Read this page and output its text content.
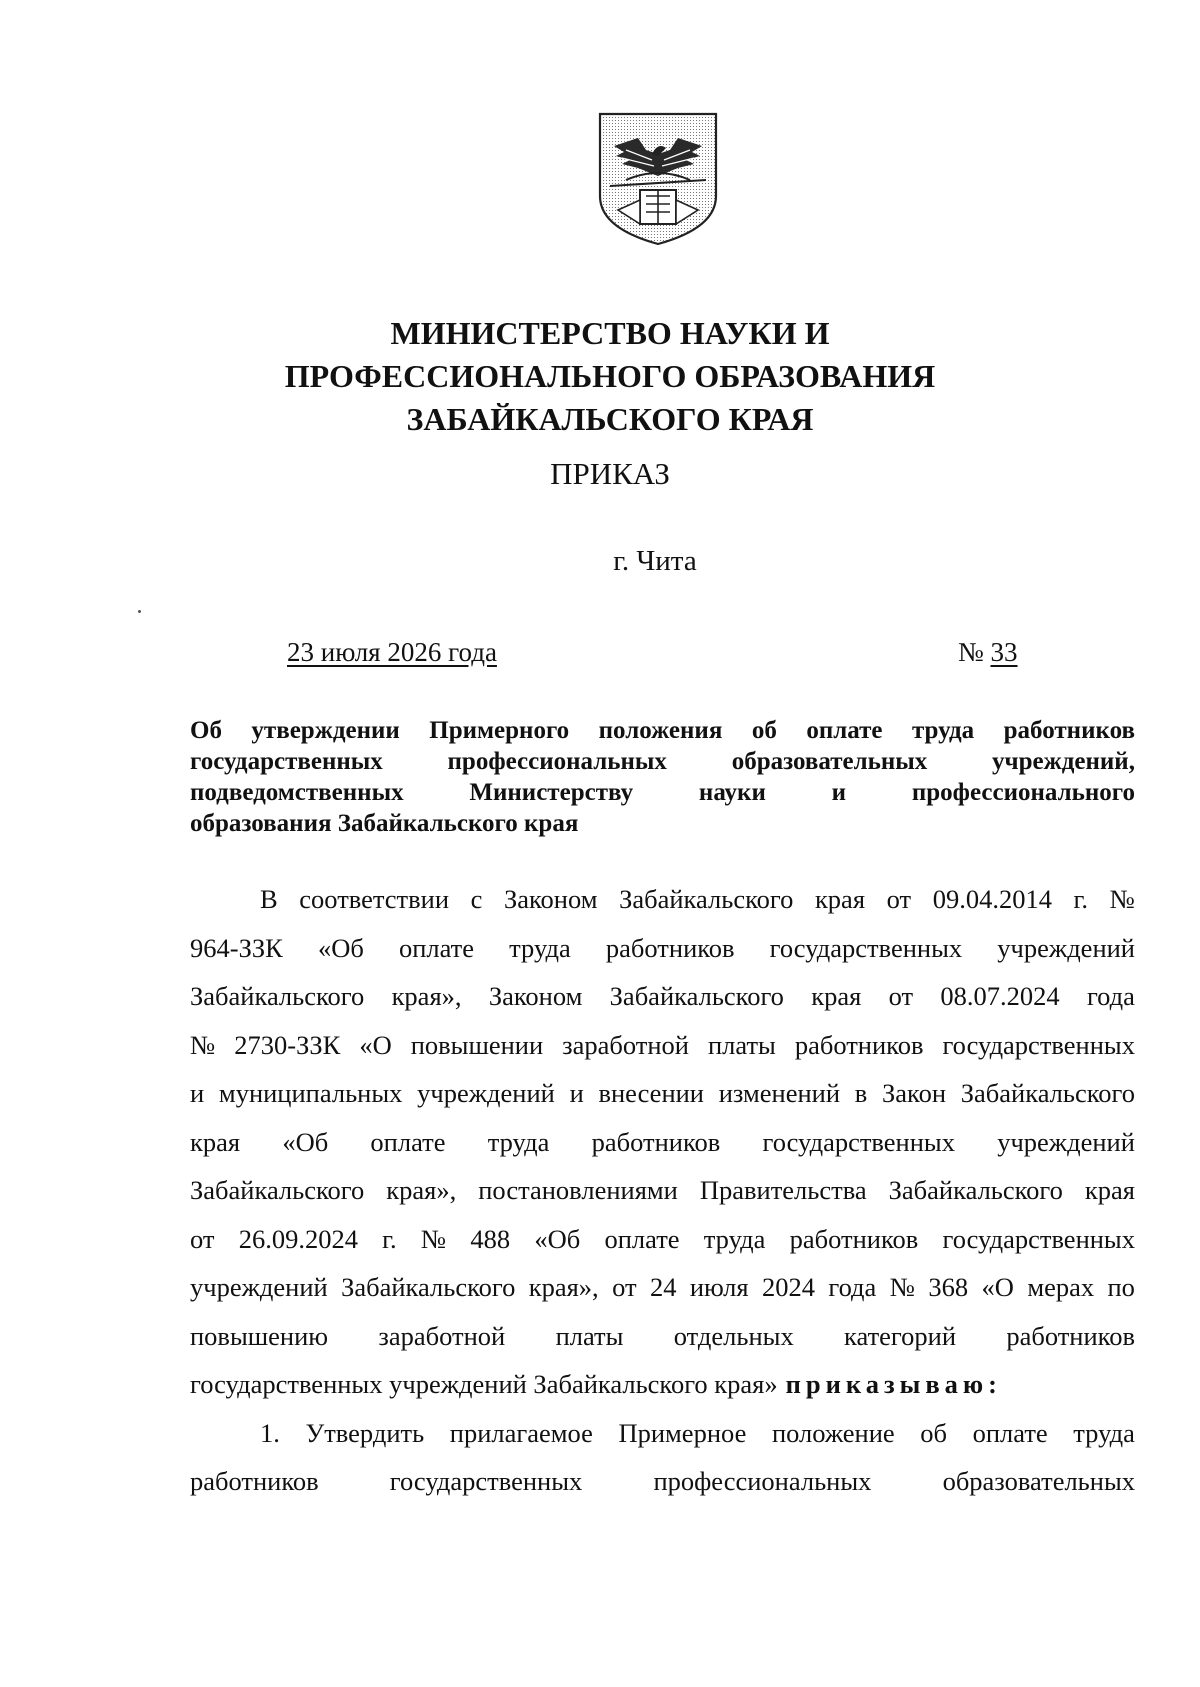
МИНИСТЕРСТВО НАУКИ И
ПРОФЕССИОНАЛЬНОГО ОБРАЗОВАНИЯ
ЗАБАЙКАЛЬСКОГО КРАЯ
ПРИКАЗ
г. Чита
23 июля 2026 года	№ 33
Об утверждении Примерного положения об оплате труда работников
государственных	профессиональных	образовательных	учреждений,
подведомственных	Министерству	науки	и	профессионального
образования Забайкальского края
В соответствии с Законом Забайкальского края от 09.04.2014 г. №
964-ЗЗК «Об оплате труда работников государственных учреждений
Забайкальского края», Законом Забайкальского края от 08.07.2024 года
№ 2730-ЗЗК «О повышении заработной платы работников государственных
и муниципальных учреждений и внесении изменений в Закон Забайкальского
края «Об оплате труда работников государственных учреждений
Забайкальского края», постановлениями Правительства Забайкальского края
от 26.09.2024 г. № 488 «Об оплате труда работников государственных
учреждений Забайкальского края», от 24 июля 2024 года № 368 «О мерах по
повышению заработной платы отдельных категорий работников
государственных учреждений Забайкальского края» приказываю:
1. Утвердить прилагаемое Примерное положение об оплате труда
работников	государственных	профессиональных	образовательных
